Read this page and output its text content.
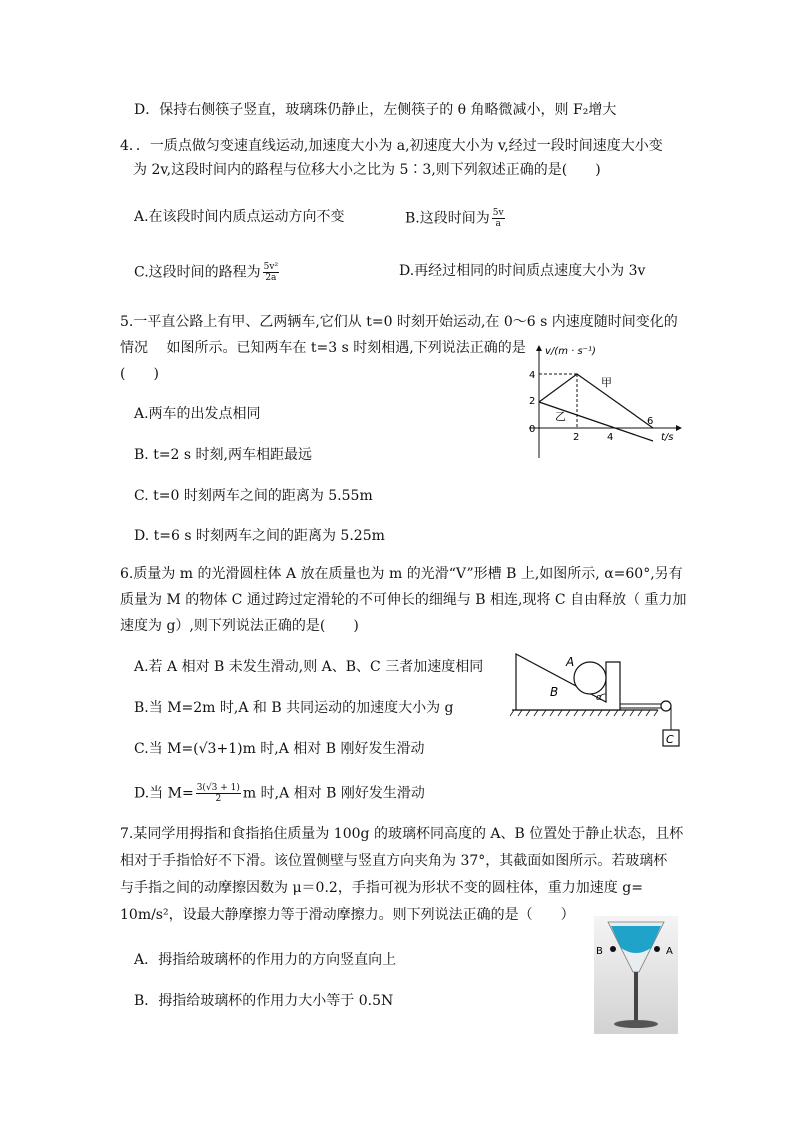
D．保持右侧筷子竖直，玻璃珠仍静止，左侧筷子的 θ 角略微减小，则 F₂增大
4．．一质点做匀变速直线运动,加速度大小为 a,初速度大小为 v,经过一段时间速度大小变
为 2v,这段时间内的路程与位移大小之比为 5∶3,则下列叙述正确的是(　　)
A.在该段时间内质点运动方向不变	B.这段时间为 $\frac{5v}{a}$
C.这段时间的路程为 $\frac{\text{5v²}}{2a}$	D.再经过相同的时间质点速度大小为 3v
5.一平直公路上有甲、乙两辆车,它们从 t=0 时刻开始运动,在 0～6 s 内速度随时间变化的
情况　 如图所示。已知两车在 t=3 s 时刻相遇,下列说法正确的是
(　　)
A.两车的出发点相同
B. t=2 s 时刻,两车相距最远
C. t=0 时刻两车之间的距离为 5.55m
D. t=6 s 时刻两车之间的距离为 5.25m
v/(m · s⁻¹)
t/s
0
4
2
2	4
6
甲
乙
6.质量为 m 的光滑圆柱体 A 放在质量也为 m 的光滑“V”形槽 B 上,如图所示, α=60°,另有
质量为 M 的物体 C 通过跨过定滑轮的不可伸长的细绳与 B 相连,现将 C 自由释放（ 重力加
速度为 g）,则下列说法正确的是(　　)
A.若 A 相对 B 未发生滑动,则 A、B、C 三者加速度相同
B.当 M=2m 时,A 和 B 共同运动的加速度大小为 g
C.当 M=(√3+1)m 时,A 相对 B 刚好发生滑动
D.当 $M= \frac{3(√3 + 1)}{2}$ m 时,A 相对 B 刚好发生滑动
A
B	α
C
7.某同学用拇指和食指掐住质量为 100g 的玻璃杯同高度的 A、B 位置处于静止状态，且杯
相对于手指恰好不下滑。该位置侧壁与竖直方向夹角为 37°，其截面如图所示。若玻璃杯
与手指之间的动摩擦因数为 μ＝0.2，手指可视为形状不变的圆柱体，重力加速度 g=
10m/s²，设最大静摩擦力等于滑动摩擦力。则下列说法正确的是（　　）
A．拇指给玻璃杯的作用力的方向竖直向上
B．拇指给玻璃杯的作用力大小等于 0.5N
B	A
